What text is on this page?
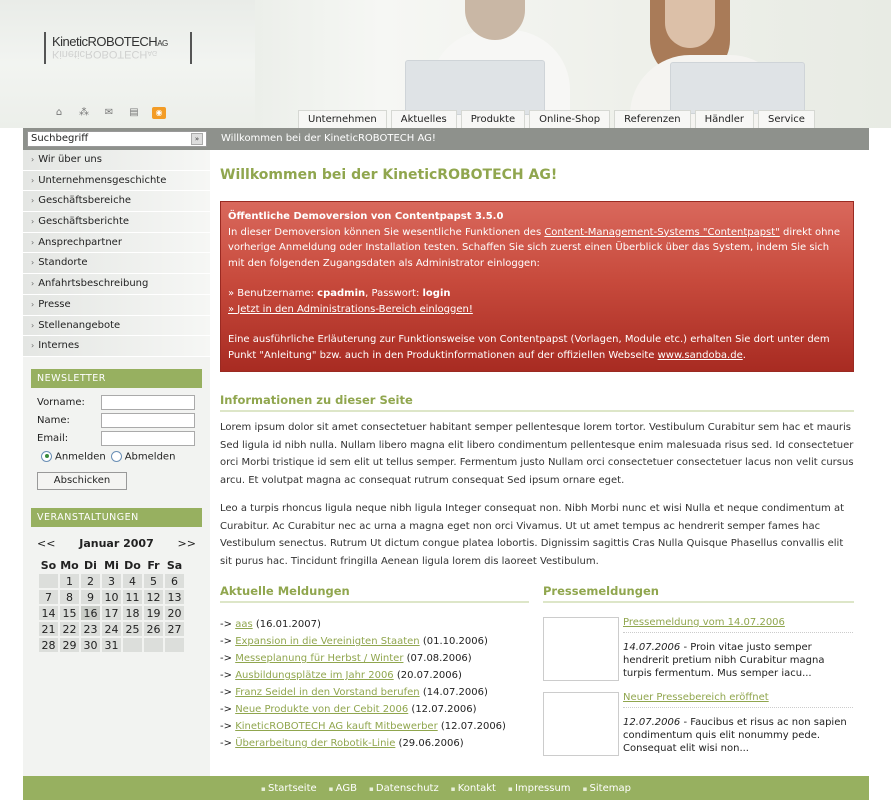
KineticROBOTECHAG
KineticROBOTECHAG
⌂	⁂ ✉ ▤	◉
Unternehmen	Aktuelles	Produkte	Online-Shop	Referenzen	Händler	Service
Suchbegriff	»	Willkommen bei der KineticROBOTECH AG!
› Wir über uns
› Unternehmensgeschichte
› Geschäftsbereiche
› Geschäftsberichte
› Ansprechpartner
› Standorte
› Anfahrtsbeschreibung
› Presse
› Stellenangebote
› Internes
NEWSLETTER
Vorname:
Name:
Email:
Anmelden	Abmelden
Abschicken
VERANSTALTUNGEN
<< Januar 2007 >>
So	Mo	Di	Mi	Do	Fr	Sa
	1	2	3	4	5	6
7	8	9	10	11	12	13
14	15	16	17	18	19	20
21	22	23	24	25	26	27
28	29	30	31			
Willkommen bei der KineticROBOTECH AG!

Öffentliche Demoversion von Contentpapst 3.5.0

In dieser Demoversion können Sie wesentliche Funktionen des Content-Management-Systems "Contentpapst" direkt ohne vorherige Anmeldung oder Installation testen. Schaffen Sie sich zuerst einen Überblick über das System, indem Sie sich mit den folgenden Zugangsdaten als Administrator einloggen:

» Benutzername: cpadmin, Passwort: login

» Jetzt in den Administrations-Bereich einloggen!

Eine ausführliche Erläuterung zur Funktionsweise von Contentpapst (Vorlagen, Module etc.) erhalten Sie dort unter dem Punkt "Anleitung" bzw. auch in den Produktinformationen auf der offiziellen Webseite www.sandoba.de.

Informationen zu dieser Seite
Lorem ipsum dolor sit amet consectetuer habitant semper pellentesque lorem tortor. Vestibulum Curabitur sem hac et mauris Sed ligula id nibh nulla. Nullam libero magna elit libero condimentum pellentesque enim malesuada risus sed. Id consectetuer orci Morbi tristique id sem elit ut tellus semper. Fermentum justo Nullam orci consectetuer consectetuer lacus non velit cursus arcu. Et volutpat magna ac consequat rutrum consequat Sed ipsum ornare eget.
Leo a turpis rhoncus ligula neque nibh ligula Integer consequat non. Nibh Morbi nunc et wisi Nulla et neque condimentum at Curabitur. Ac Curabitur nec ac urna a magna eget non orci Vivamus. Ut ut amet tempus ac hendrerit semper fames hac Vestibulum senectus. Rutrum Ut dictum congue platea lobortis. Dignissim sagittis Cras Nulla Quisque Phasellus convallis elit sit purus hac. Tincidunt fringilla Aenean ligula lorem dis laoreet Vestibulum.
Aktuelle Meldungen
-> aas (16.01.2007)
-> Expansion in die Vereinigten Staaten (01.10.2006)
-> Messeplanung für Herbst / Winter (07.08.2006)
-> Ausbildungsplätze im Jahr 2006 (20.07.2006)
-> Franz Seidel in den Vorstand berufen (14.07.2006)
-> Neue Produkte von der Cebit 2006 (12.07.2006)
-> KineticROBOTECH AG kauft Mitbewerber (12.07.2006)
-> Überarbeitung der Robotik-Linie (29.06.2006)
Pressemeldungen
Pressemeldung vom 14.07.2006
14.07.2006 - Proin vitae justo semper hendrerit pretium nibh Curabitur magna turpis fermentum. Mus semper iacu...
Neuer Pressebereich eröffnet
12.07.2006 - Faucibus et risus ac non sapien condimentum quis elit nonummy pede. Consequat elit wisi non...
▪ Startseite	▪ AGB	▪ Datenschutz	▪ Kontakt	▪ Impressum	▪ Sitemap
